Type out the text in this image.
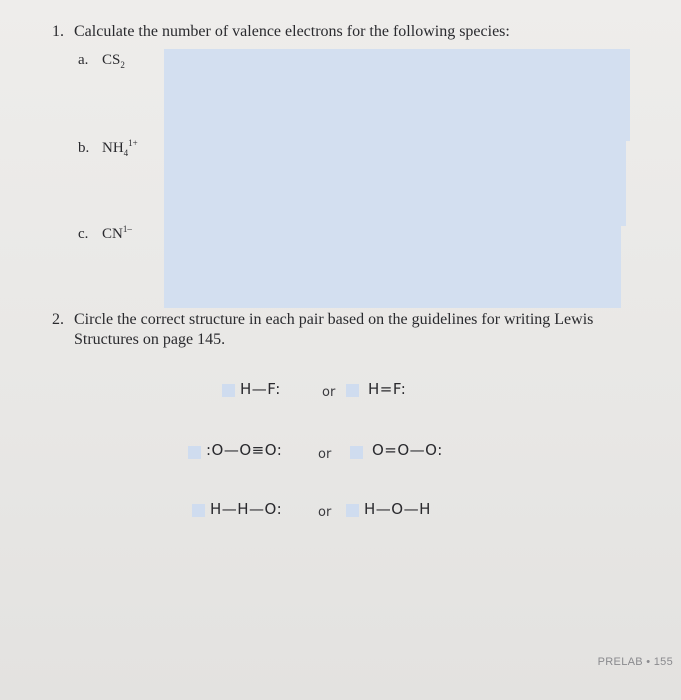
1. Calculate the number of valence electrons for the following species:
a. $CS_2$
b. $NH_4^{1+}$
c. $CN^{1-}$
2. Circle the correct structure in each pair based on the guidelines for writing Lewis
Structures on page 145.
H—F:	or H=F:
:O—O≡O:	or	O=O—O:
H—H—O:	or H—O—H
PRELAB • 155
